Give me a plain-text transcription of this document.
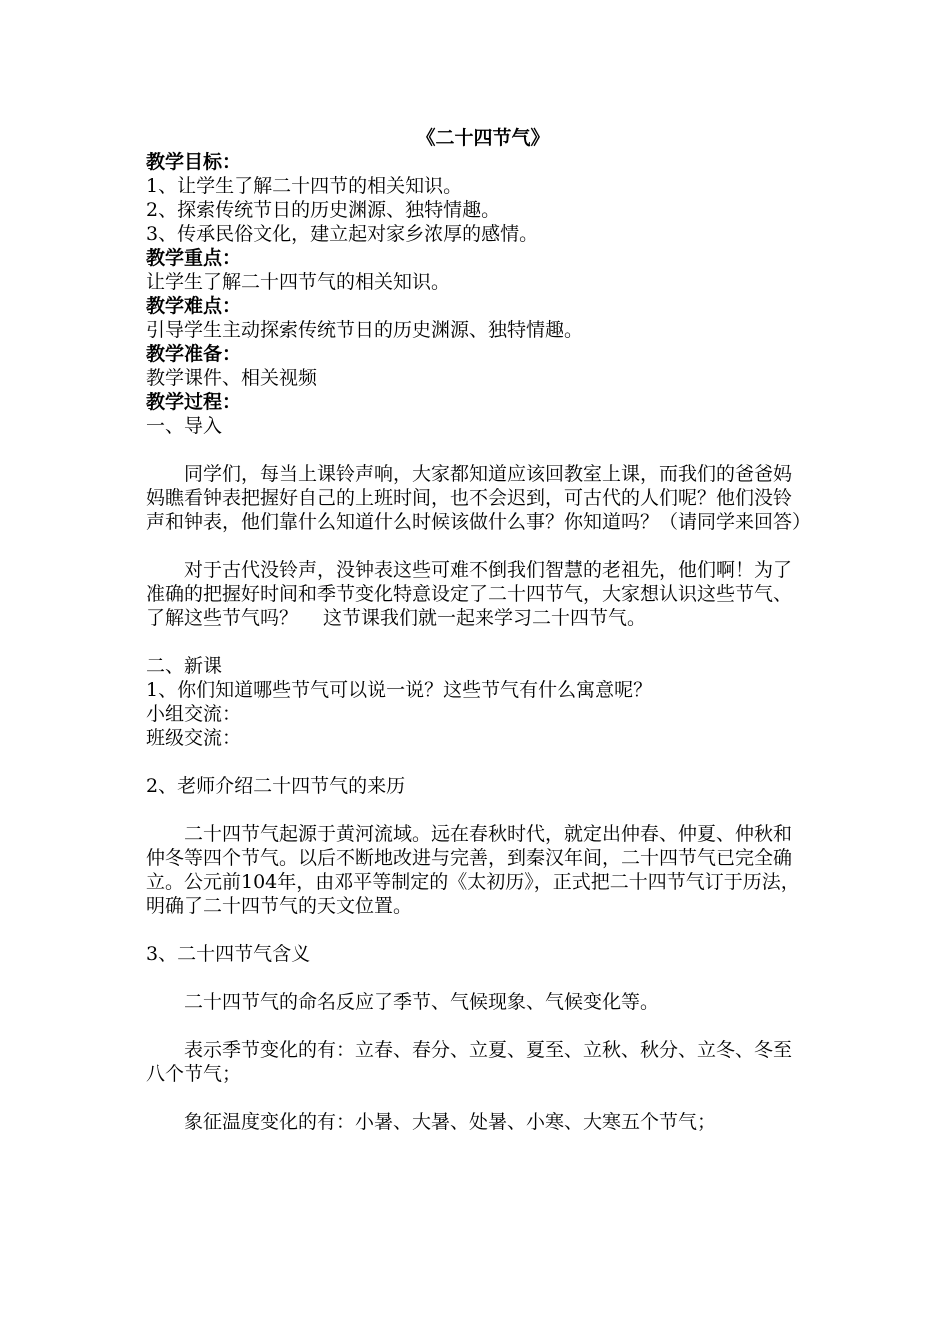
《二十四节气》

教学目标：

1、让学生了解二十四节的相关知识。

2、探索传统节日的历史渊源、独特情趣。

3、传承民俗文化，建立起对家乡浓厚的感情。

教学重点：

让学生了解二十四节气的相关知识。

教学难点：

引导学生主动探索传统节日的历史渊源、独特情趣。

教学准备：

教学课件、相关视频

教学过程：

一、导入

同学们，每当上课铃声响，大家都知道应该回教室上课，而我们的爸爸妈妈瞧看钟表把握好自己的上班时间，也不会迟到，可古代的人们呢？他们没铃声和钟表，他们靠什么知道什么时候该做什么事？你知道吗？（请同学来回答）

对于古代没铃声，没钟表这些可难不倒我们智慧的老祖先，他们啊！为了准确的把握好时间和季节变化特意设定了二十四节气，大家想认识这些节气、了解这些节气吗？　 这节课我们就一起来学习二十四节气。

二、新课

1、你们知道哪些节气可以说一说？这些节气有什么寓意呢？

小组交流：

班级交流：

2、老师介绍二十四节气的来历

二十四节气起源于黄河流域。远在春秋时代，就定出仲春、仲夏、仲秋和仲冬等四个节气。以后不断地改进与完善，到秦汉年间，二十四节气已完全确立。公元前104年，由邓平等制定的《太初历》，正式把二十四节气订于历法，明确了二十四节气的天文位置。

3、二十四节气含义

二十四节气的命名反应了季节、气候现象、气候变化等。

表示季节变化的有：立春、春分、立夏、夏至、立秋、秋分、立冬、冬至八个节气；

象征温度变化的有：小暑、大暑、处暑、小寒、大寒五个节气；
